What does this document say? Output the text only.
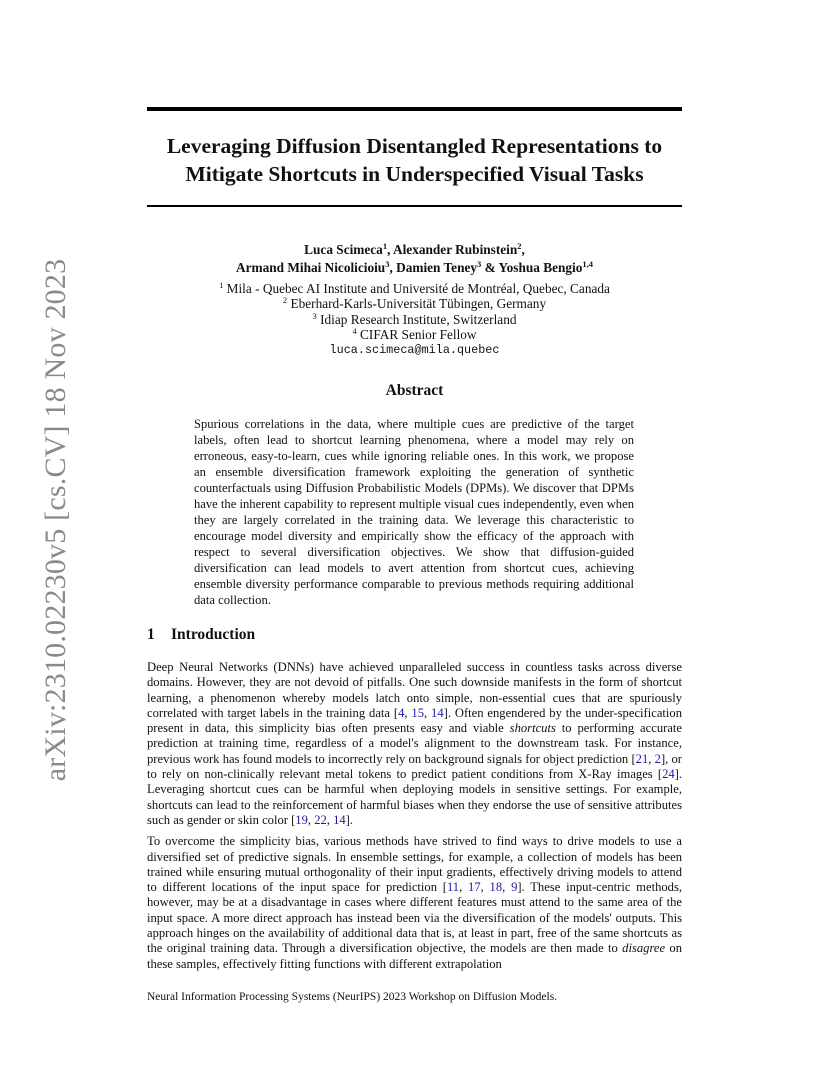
Leveraging Diffusion Disentangled Representations to
Mitigate Shortcuts in Underspecified Visual Tasks
arXiv:2310.02230v5 [cs.CV] 18 Nov 2023
Luca Scimeca$^1$, Alexander Rubinstein$^2$,
Armand Mihai Nicolicioiu$^3$, Damien Teney$^3$ & Yoshua Bengio$^{1,4}$
$^1$ Mila - Quebec AI Institute and Université de Montréal, Quebec, Canada
$^2$ Eberhard-Karls-Universität Tübingen, Germany
$^3$ Idiap Research Institute, Switzerland
$^4$ CIFAR Senior Fellow
luca.scimeca@mila.quebec
Abstract
Spurious correlations in the data, where multiple cues are predictive of the target labels, often lead to shortcut learning phenomena, where a model may rely on erroneous, easy-to-learn, cues while ignoring reliable ones. In this work, we propose an ensemble diversification framework exploiting the generation of synthetic counterfactuals using Diffusion Probabilistic Models (DPMs). We discover that DPMs have the inherent capability to represent multiple visual cues independently, even when they are largely correlated in the training data. We leverage this characteristic to encourage model diversity and empirically show the efficacy of the approach with respect to several diversification objectives. We show that diffusion-guided diversification can lead models to avert attention from shortcut cues, achieving ensemble diversity performance comparable to previous methods requiring additional data collection.
1 Introduction

Deep Neural Networks (DNNs) have achieved unparalleled success in countless tasks across diverse domains. However, they are not devoid of pitfalls. One such downside manifests in the form of shortcut learning, a phenomenon whereby models latch onto simple, non-essential cues that are spuriously correlated with target labels in the training data [4, 15, 14]. Often engendered by the under-specification present in data, this simplicity bias often presents easy and viable shortcuts to performing accurate prediction at training time, regardless of a model's alignment to the downstream task. For instance, previous work has found models to incorrectly rely on background signals for object prediction [21, 2], or to rely on non-clinically relevant metal tokens to predict patient conditions from X-Ray images [24]. Leveraging shortcut cues can be harmful when deploying models in sensitive settings. For example, shortcuts can lead to the reinforcement of harmful biases when they endorse the use of sensitive attributes such as gender or skin color [19, 22, 14].

To overcome the simplicity bias, various methods have strived to find ways to drive models to use a diversified set of predictive signals. In ensemble settings, for example, a collection of models has been trained while ensuring mutual orthogonality of their input gradients, effectively driving models to attend to different locations of the input space for prediction [11, 17, 18, 9]. These input-centric methods, however, may be at a disadvantage in cases where different features must attend to the same area of the input space. A more direct approach has instead been via the diversification of the models' outputs. This approach hinges on the availability of additional data that is, at least in part, free of the same shortcuts as the original training data. Through a diversification objective, the models are then made to disagree on these samples, effectively fitting functions with different extrapolation

Neural Information Processing Systems (NeurIPS) 2023 Workshop on Diffusion Models.
